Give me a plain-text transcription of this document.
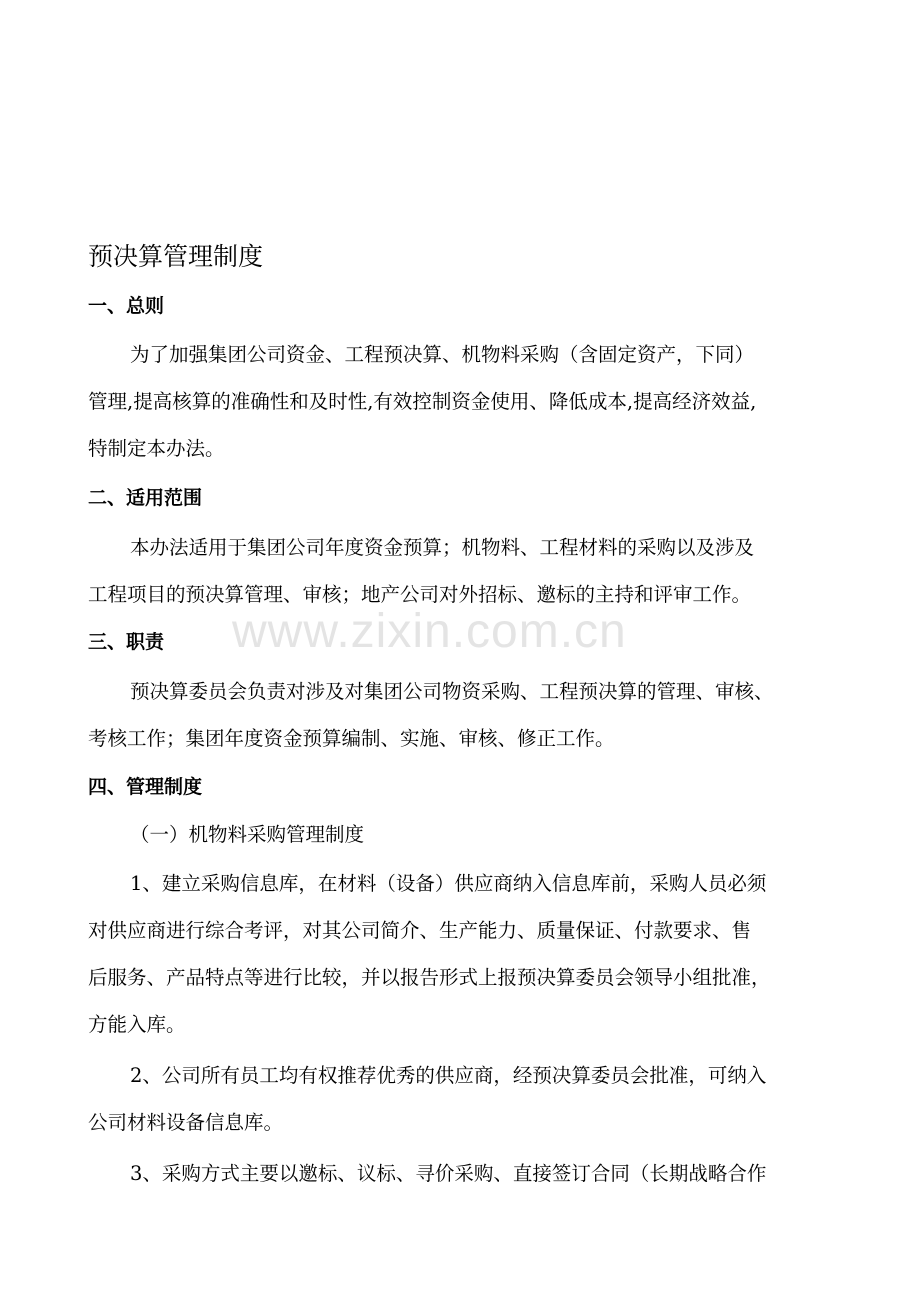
www.zixin.com.cn
预决算管理制度
一、总则
为了加强集团公司资金、工程预决算、机物料采购（含固定资产，下同）
管理,提高核算的准确性和及时性,有效控制资金使用、降低成本,提高经济效益,
特制定本办法。
二、适用范围
本办法适用于集团公司年度资金预算；机物料、工程材料的采购以及涉及
工程项目的预决算管理、审核；地产公司对外招标、邀标的主持和评审工作。
三、职责
预决算委员会负责对涉及对集团公司物资采购、工程预决算的管理、审核、
考核工作；集团年度资金预算编制、实施、审核、修正工作。
四、管理制度
（一）机物料采购管理制度
1、建立采购信息库，在材料（设备）供应商纳入信息库前，采购人员必须
对供应商进行综合考评，对其公司简介、生产能力、质量保证、付款要求、售
后服务、产品特点等进行比较，并以报告形式上报预决算委员会领导小组批准，
方能入库。
2、公司所有员工均有权推荐优秀的供应商，经预决算委员会批准，可纳入
公司材料设备信息库。
3、采购方式主要以邀标、议标、寻价采购、直接签订合同（长期战略合作
